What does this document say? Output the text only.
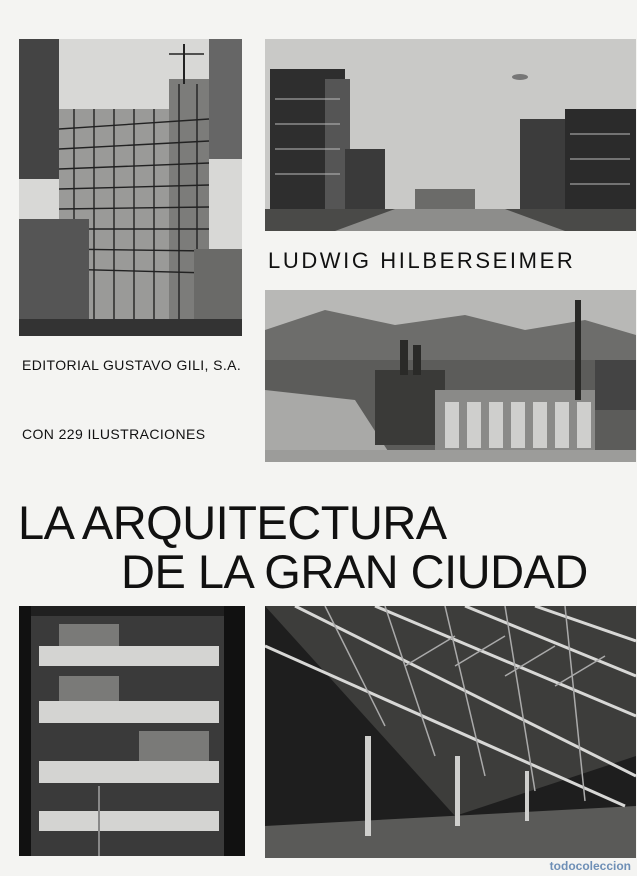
LUDWIG HILBERSEIMER
EDITORIAL GUSTAVO GILI, S.A.
CON 229 ILUSTRACIONES
LA ARQUITECTURA
DE LA GRAN CIUDAD
todocoleccion
